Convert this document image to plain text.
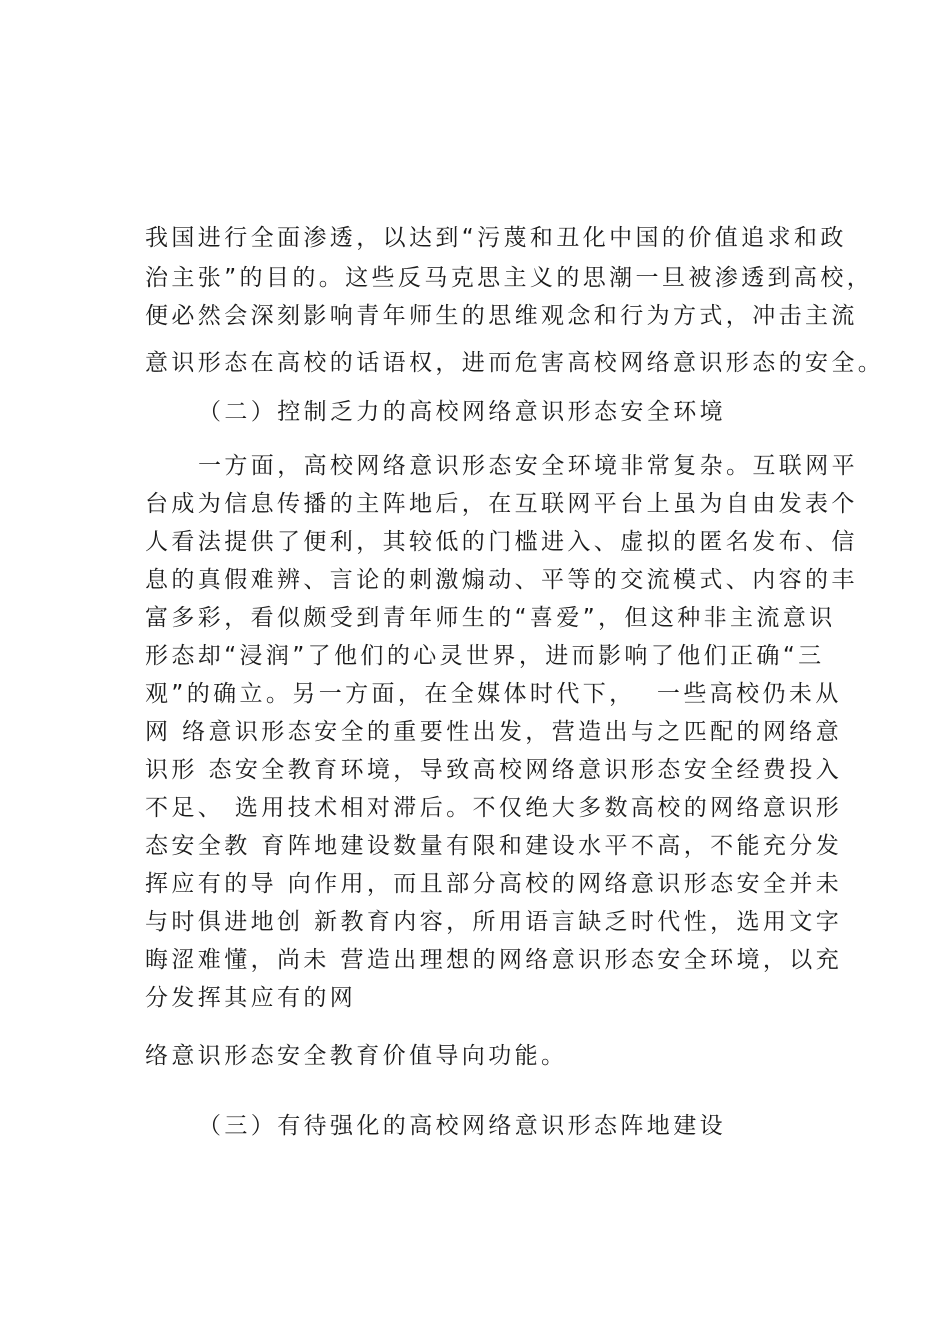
我国进行全面渗透，以达到“污蔑和丑化中国的价值追求和政
治主张”的目的。这些反马克思主义的思潮一旦被渗透到高校，
便必然会深刻影响青年师生的思维观念和行为方式，冲击主流
意识形态在高校的话语权，进而危害高校网络意识形态的安全。
（二）控制乏力的高校网络意识形态安全环境
一方面，高校网络意识形态安全环境非常复杂。互联网平
台成为信息传播的主阵地后，在互联网平台上虽为自由发表个
人看法提供了便利，其较低的门槛进入、虚拟的匿名发布、信
息的真假难辨、言论的刺激煽动、平等的交流模式、内容的丰
富多彩，看似颇受到青年师生的“喜爱”，但这种非主流意识
形态却“浸润”了他们的心灵世界，进而影响了他们正确“三
观”的确立。另一方面，在全媒体时代下，  一些高校仍未从
网 络意识形态安全的重要性出发，营造出与之匹配的网络意
识形 态安全教育环境，导致高校网络意识形态安全经费投入
不足、 选用技术相对滞后。不仅绝大多数高校的网络意识形
态安全教 育阵地建设数量有限和建设水平不高，不能充分发
挥应有的导 向作用，而且部分高校的网络意识形态安全并未
与时俱进地创 新教育内容，所用语言缺乏时代性，选用文字
晦涩难懂，尚未 营造出理想的网络意识形态安全环境，以充
分发挥其应有的网
络意识形态安全教育价值导向功能。
（三）有待强化的高校网络意识形态阵地建设
